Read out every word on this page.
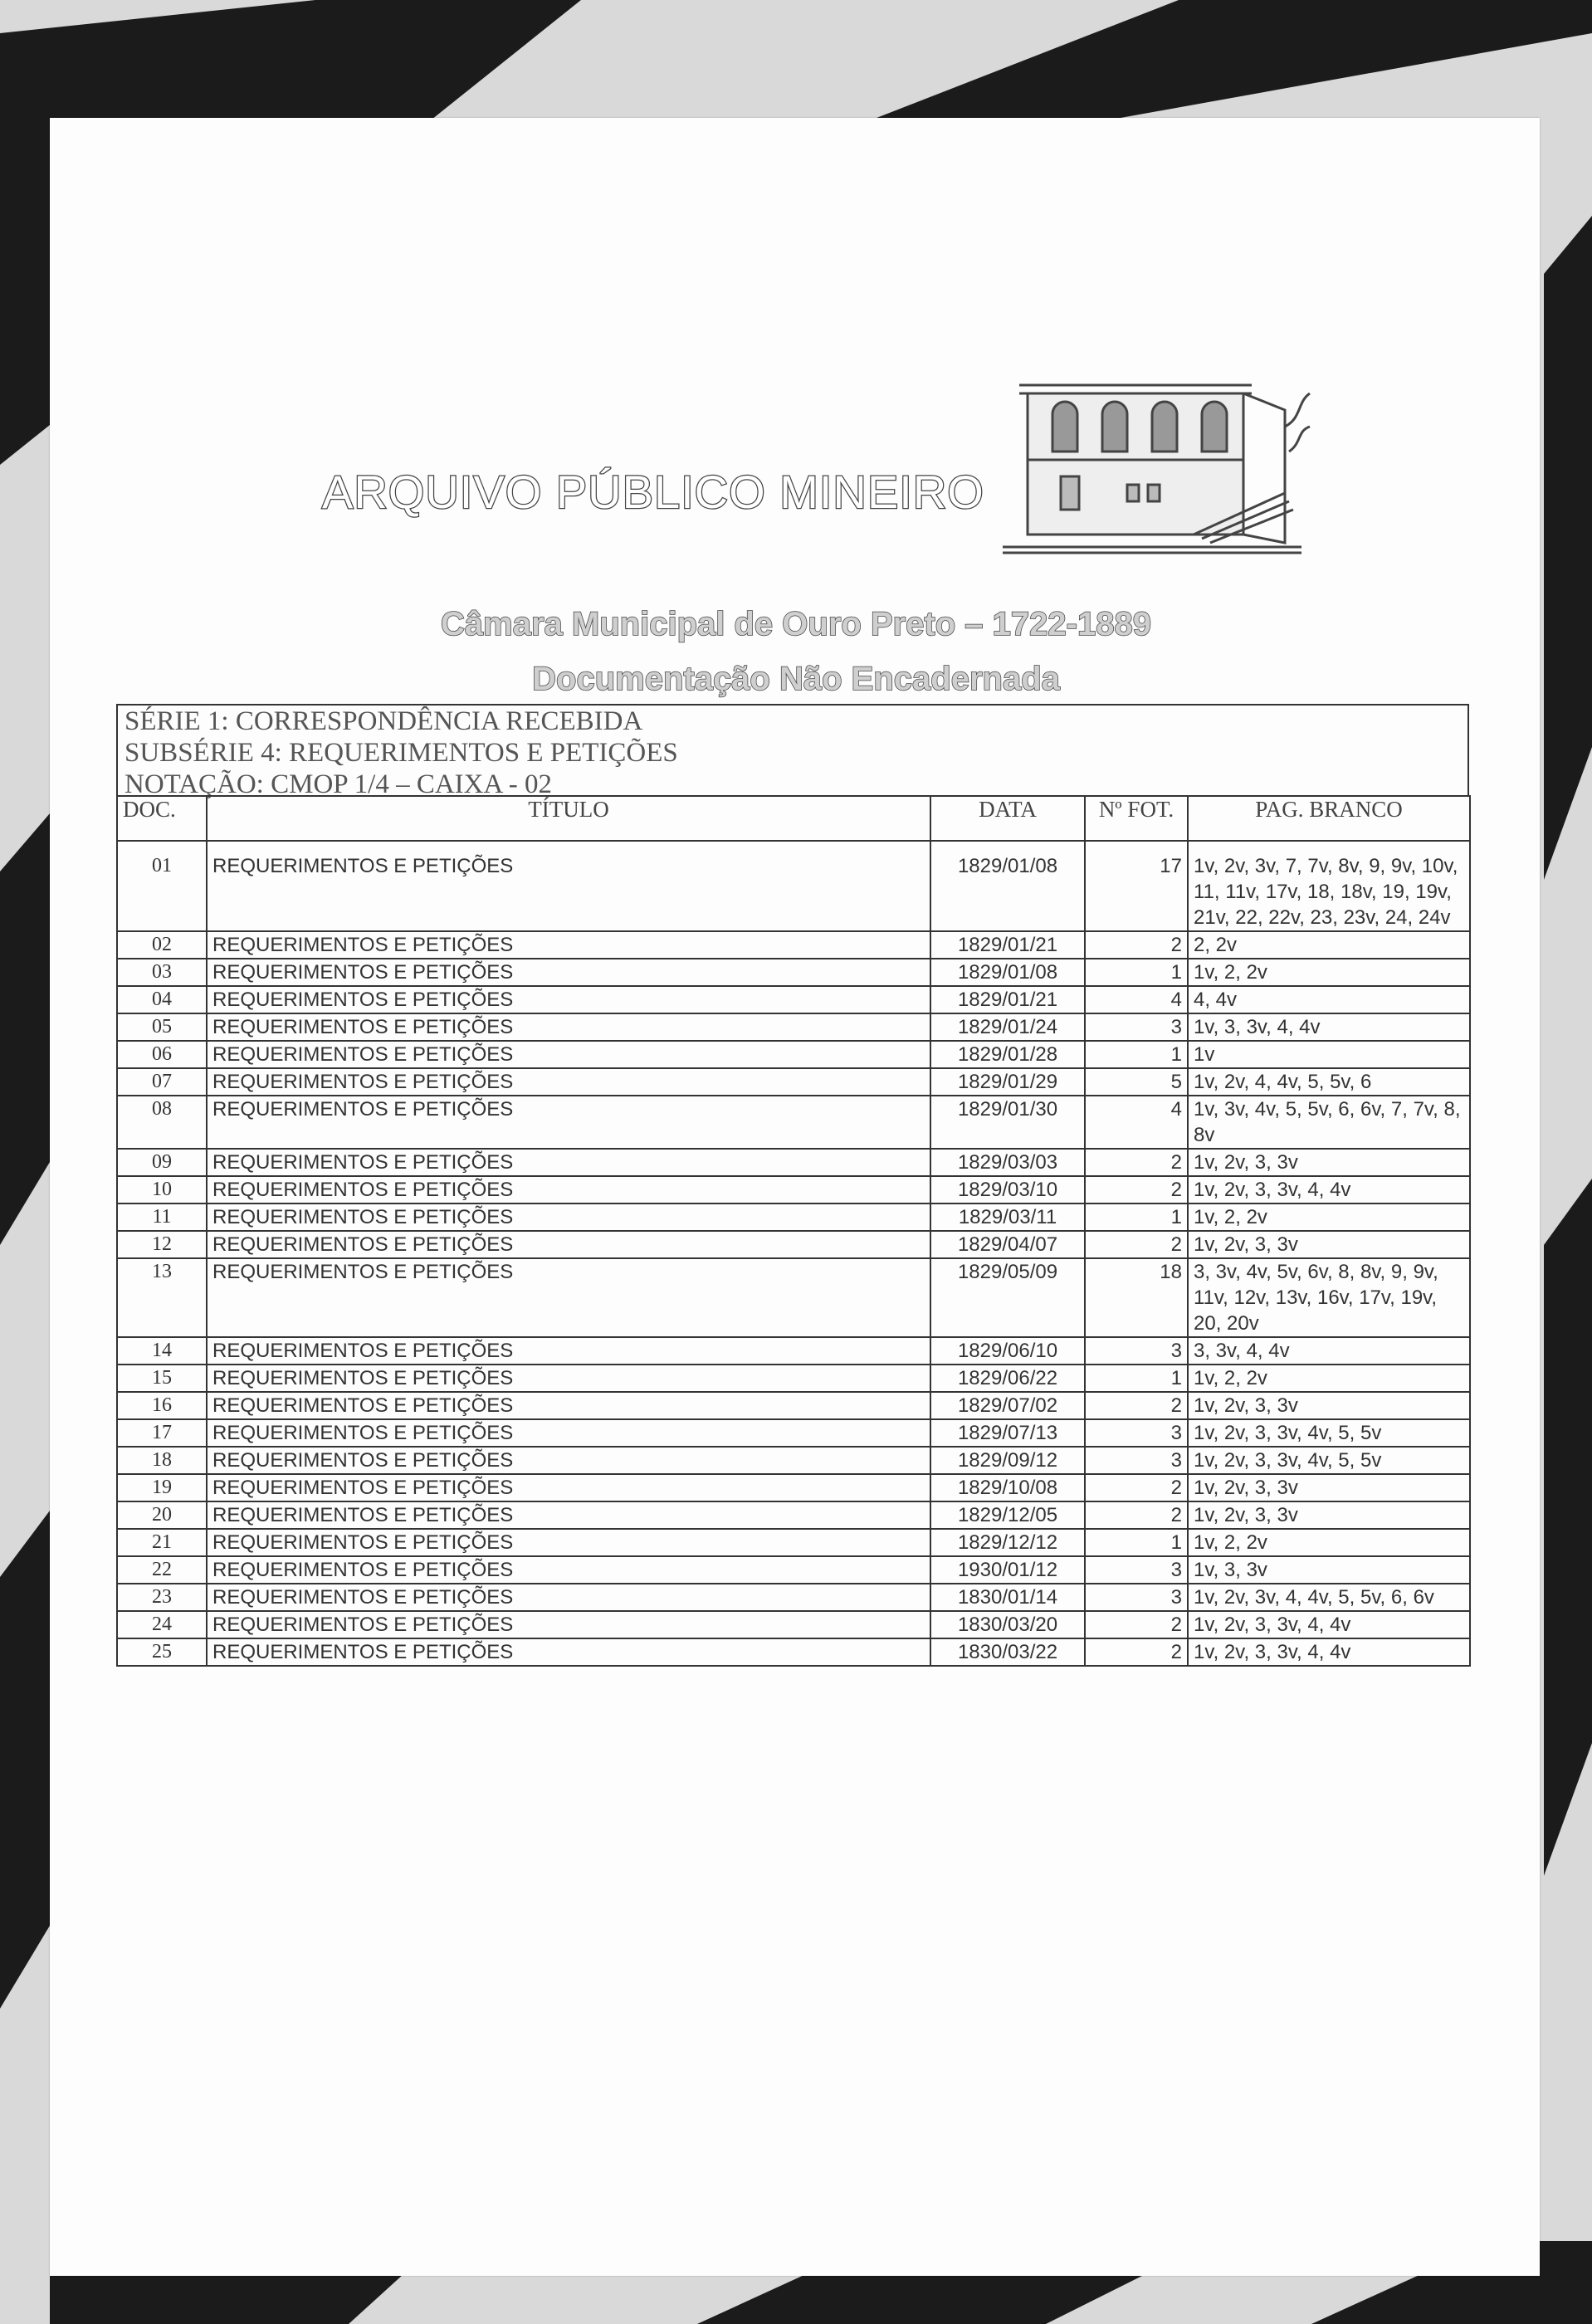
ARQUIVO PÚBLICO MINEIRO
Câmara Municipal de Ouro Preto – 1722-1889
Documentação Não Encadernada
SÉRIE 1: CORRESPONDÊNCIA RECEBIDA
SUBSÉRIE 4: REQUERIMENTOS E PETIÇÕES
NOTAÇÃO: CMOP 1/4 – CAIXA - 02
DOC.	TÍTULO	DATA	Nº FOT.	PAG. BRANCO
01	REQUERIMENTOS E PETIÇÕES	1829/01/08	17	1v, 2v, 3v, 7, 7v, 8v, 9, 9v, 10v, 11, 11v, 17v, 18, 18v, 19, 19v, 21v, 22, 22v, 23, 23v, 24, 24v
02	REQUERIMENTOS E PETIÇÕES	1829/01/21	2	2, 2v
03	REQUERIMENTOS E PETIÇÕES	1829/01/08	1	1v, 2, 2v
04	REQUERIMENTOS E PETIÇÕES	1829/01/21	4	4, 4v
05	REQUERIMENTOS E PETIÇÕES	1829/01/24	3	1v, 3, 3v, 4, 4v
06	REQUERIMENTOS E PETIÇÕES	1829/01/28	1	1v
07	REQUERIMENTOS E PETIÇÕES	1829/01/29	5	1v, 2v, 4, 4v, 5, 5v, 6
08	REQUERIMENTOS E PETIÇÕES	1829/01/30	4	1v, 3v, 4v, 5, 5v, 6, 6v, 7, 7v, 8, 8v
09	REQUERIMENTOS E PETIÇÕES	1829/03/03	2	1v, 2v, 3, 3v
10	REQUERIMENTOS E PETIÇÕES	1829/03/10	2	1v, 2v, 3, 3v, 4, 4v
11	REQUERIMENTOS E PETIÇÕES	1829/03/11	1	1v, 2, 2v
12	REQUERIMENTOS E PETIÇÕES	1829/04/07	2	1v, 2v, 3, 3v
13	REQUERIMENTOS E PETIÇÕES	1829/05/09	18	3, 3v, 4v, 5v, 6v, 8, 8v, 9, 9v, 11v, 12v, 13v, 16v, 17v, 19v, 20, 20v
14	REQUERIMENTOS E PETIÇÕES	1829/06/10	3	3, 3v, 4, 4v
15	REQUERIMENTOS E PETIÇÕES	1829/06/22	1	1v, 2, 2v
16	REQUERIMENTOS E PETIÇÕES	1829/07/02	2	1v, 2v, 3, 3v
17	REQUERIMENTOS E PETIÇÕES	1829/07/13	3	1v, 2v, 3, 3v, 4v, 5, 5v
18	REQUERIMENTOS E PETIÇÕES	1829/09/12	3	1v, 2v, 3, 3v, 4v, 5, 5v
19	REQUERIMENTOS E PETIÇÕES	1829/10/08	2	1v, 2v, 3, 3v
20	REQUERIMENTOS E PETIÇÕES	1829/12/05	2	1v, 2v, 3, 3v
21	REQUERIMENTOS E PETIÇÕES	1829/12/12	1	1v, 2, 2v
22	REQUERIMENTOS E PETIÇÕES	1930/01/12	3	1v, 3, 3v
23	REQUERIMENTOS E PETIÇÕES	1830/01/14	3	1v, 2v, 3v, 4, 4v, 5, 5v, 6, 6v
24	REQUERIMENTOS E PETIÇÕES	1830/03/20	2	1v, 2v, 3, 3v, 4, 4v
25	REQUERIMENTOS E PETIÇÕES	1830/03/22	2	1v, 2v, 3, 3v, 4, 4v
